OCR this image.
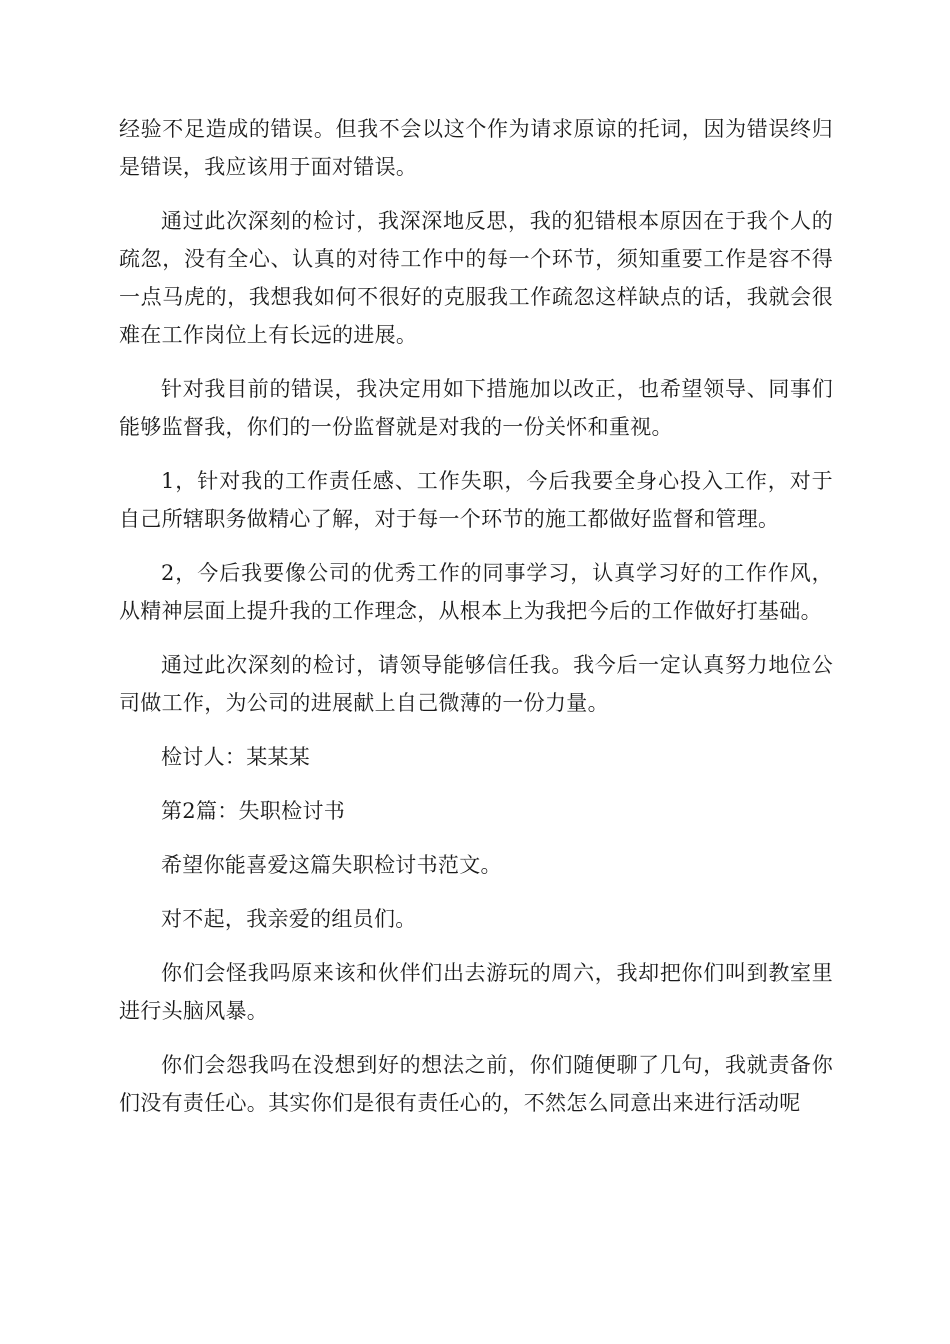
经验不足造成的错误。但我不会以这个作为请求原谅的托词，因为错误终归是错误，我应该用于面对错误。

通过此次深刻的检讨，我深深地反思，我的犯错根本原因在于我个人的疏忽，没有全心、认真的对待工作中的每一个环节，须知重要工作是容不得一点马虎的，我想我如何不很好的克服我工作疏忽这样缺点的话，我就会很难在工作岗位上有长远的进展。

针对我目前的错误，我决定用如下措施加以改正，也希望领导、同事们能够监督我，你们的一份监督就是对我的一份关怀和重视。

1，针对我的工作责任感、工作失职，今后我要全身心投入工作，对于自己所辖职务做精心了解，对于每一个环节的施工都做好监督和管理。

2，今后我要像公司的优秀工作的同事学习，认真学习好的工作作风，从精神层面上提升我的工作理念，从根本上为我把今后的工作做好打基础。

通过此次深刻的检讨，请领导能够信任我。我今后一定认真努力地位公司做工作，为公司的进展献上自己微薄的一份力量。

检讨人：某某某

第2篇：失职检讨书

希望你能喜爱这篇失职检讨书范文。

对不起，我亲爱的组员们。

你们会怪我吗原来该和伙伴们出去游玩的周六，我却把你们叫到教室里进行头脑风暴。

你们会怨我吗在没想到好的想法之前，你们随便聊了几句，我就责备你们没有责任心。其实你们是很有责任心的，不然怎么同意出来进行活动呢
